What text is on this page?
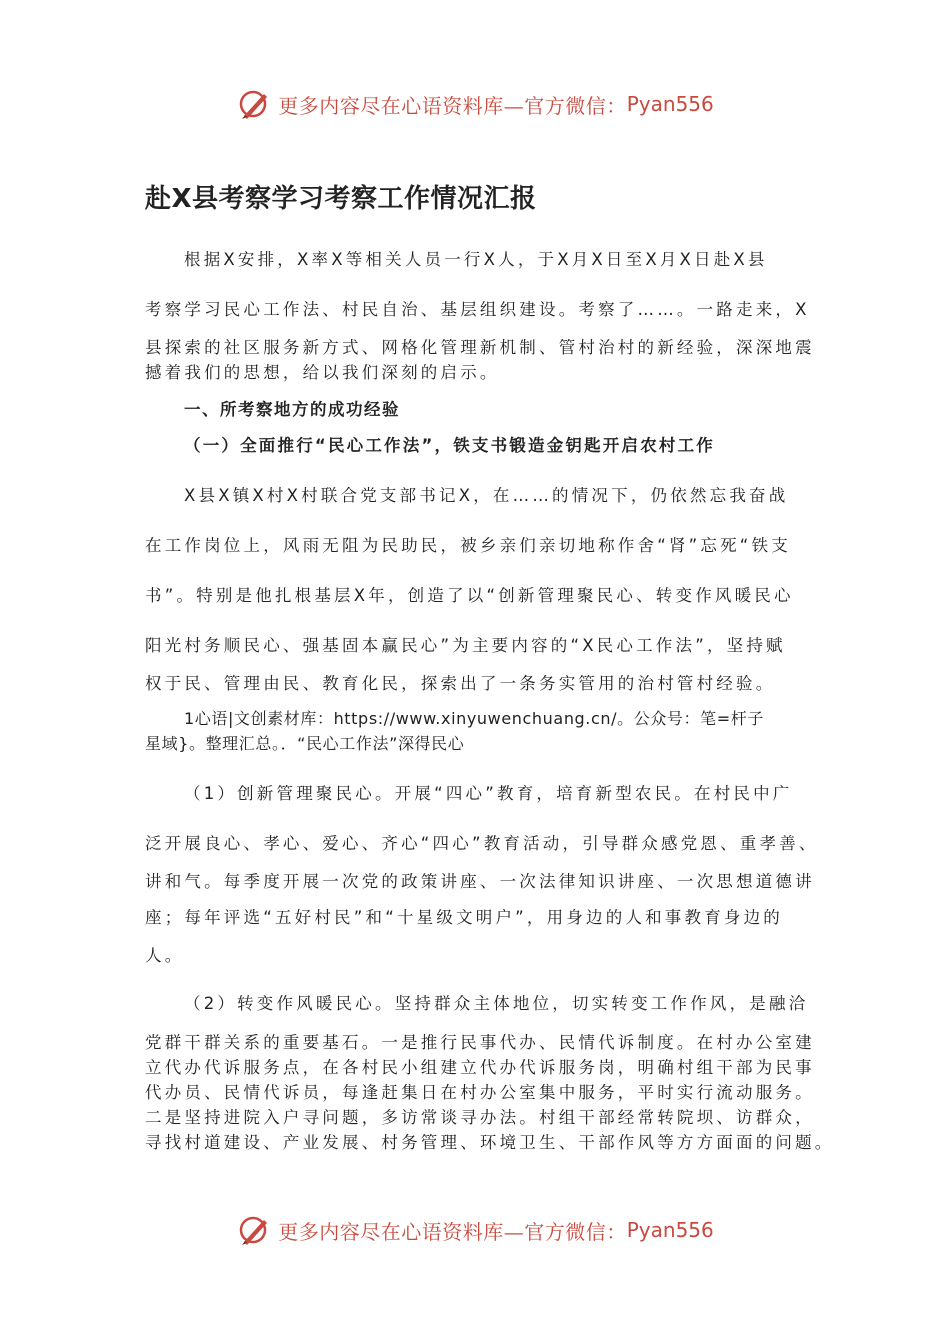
更多内容尽在心语资料库—官方微信： Pyan556
赴X县考察学习考察工作情况汇报
根据X安排，X率X等相关人员一行X人，于X月X日至X月X日赴X县
考察学习民心工作法、村民自治、基层组织建设。考察了……。一路走来，X
县探索的社区服务新方式、网格化管理新机制、管村治村的新经验，深深地震
撼着我们的思想，给以我们深刻的启示。
一、所考察地方的成功经验
（一）全面推行“民心工作法”，铁支书锻造金钥匙开启农村工作
X县X镇X村X村联合党支部书记X，在……的情况下，仍依然忘我奋战
在工作岗位上，风雨无阻为民助民，被乡亲们亲切地称作舍“肾”忘死“铁支
书”。特别是他扎根基层X年，创造了以“创新管理聚民心、转变作风暖民心
阳光村务顺民心、强基固本赢民心”为主要内容的“X民心工作法”，坚持赋
权于民、管理由民、教育化民，探索出了一条务实管用的治村管村经验。
1心语|文创素材库：https://www.xinyuwenchuang.cn/。公众号：笔=杆子
星域}。整理汇总。．“民心工作法”深得民心
（1）创新管理聚民心。开展“四心”教育，培育新型农民。在村民中广
泛开展良心、孝心、爱心、齐心“四心”教育活动，引导群众感党恩、重孝善、
讲和气。每季度开展一次党的政策讲座、一次法律知识讲座、一次思想道德讲
座；每年评选“五好村民”和“十星级文明户”，用身边的人和事教育身边的
人。
（2）转变作风暖民心。坚持群众主体地位，切实转变工作作风，是融洽
党群干群关系的重要基石。一是推行民事代办、民情代诉制度。在村办公室建
立代办代诉服务点，在各村民小组建立代办代诉服务岗，明确村组干部为民事
代办员、民情代诉员，每逢赶集日在村办公室集中服务，平时实行流动服务。
二是坚持进院入户寻问题，多访常谈寻办法。村组干部经常转院坝、访群众，
寻找村道建设、产业发展、村务管理、环境卫生、干部作风等方方面面的问题。
更多内容尽在心语资料库—官方微信： Pyan556
